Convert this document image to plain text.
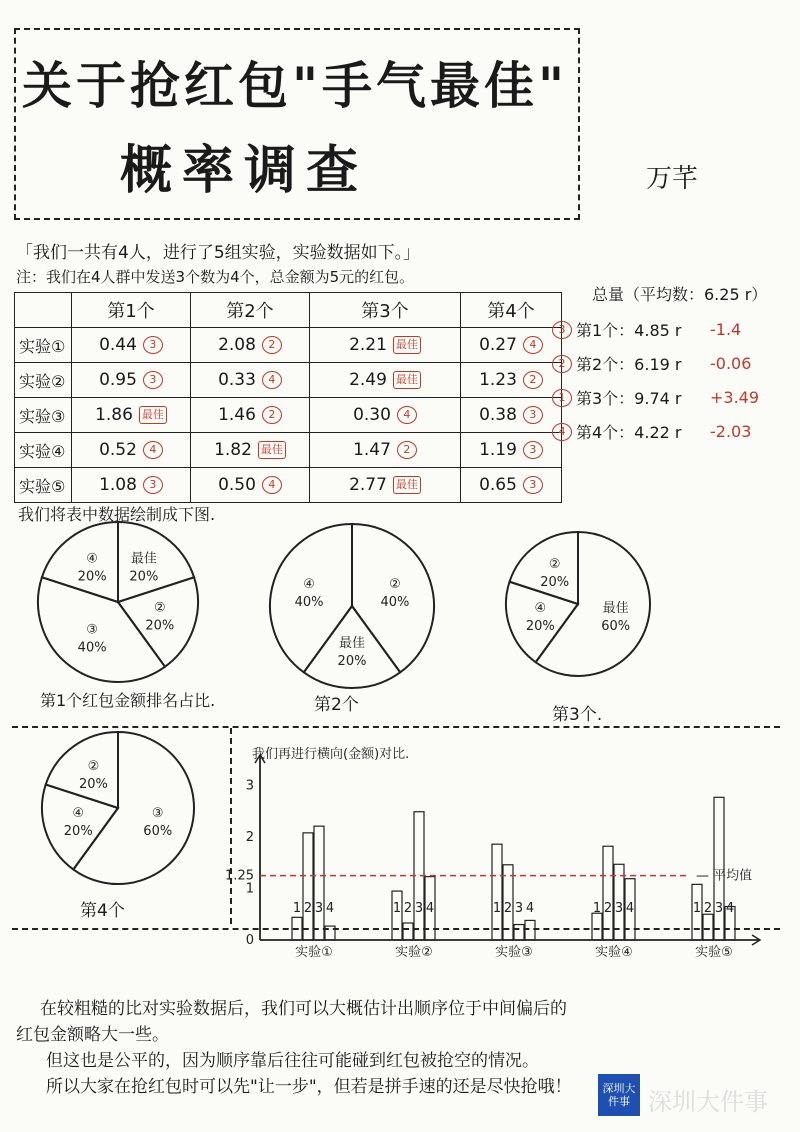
关于抢红包"手气最佳"
概率调查	万芊
「我们一共有4人，进行了5组实验，实验数据如下。」
注：我们在4人群中发送3个数为4个，总金额为5元的红包。
	第1个	第2个	第3个	第4个
实验①	0.44 3	2.08 2	2.21 最佳	0.27 4

实验②	0.95 3	0.33 4	2.49 最佳	1.23 2

实验③	1.86 最佳	1.46 2	0.30 4	0.38 3

实验④	0.52 4	1.82 最佳	1.47 2	1.19 3

实验⑤	1.08 3	0.50 4	2.77 最佳	0.65 3
总量（平均数：6.25 r）
3 第1个：4.85 r -1.4
2 第2个：6.19 r -0.06
1 第3个：9.74 r +3.49
4 第4个：4.22 r -2.03
我们将表中数据绘制成下图.
最佳
20%
②
20%
③
40%
④
20%
②
40%
最佳
20%
④
40%	最佳
60%
④
20%
②
20%
③
60%
④
20%
②
20%
第1个红包金额排名占比.	第2个	第3个.
第4个
0
1
1.25
2
3
1 2 3 4
实验①
1 2 3 4
实验②
1 2 3 4
实验③
1 2 3 4
实验④
1 2 3 4
实验⑤
— 平均值
我们再进行横向(金额)对比.
在较粗糙的比对实验数据后，我们可以大概估计出顺序位于中间偏后的
红包金额略大一些。
但这也是公平的，因为顺序靠后往往可能碰到红包被抢空的情况。
所以大家在抢红包时可以先"让一步"，但若是拼手速的还是尽快抢哦！	深圳大件事 深圳大件事
